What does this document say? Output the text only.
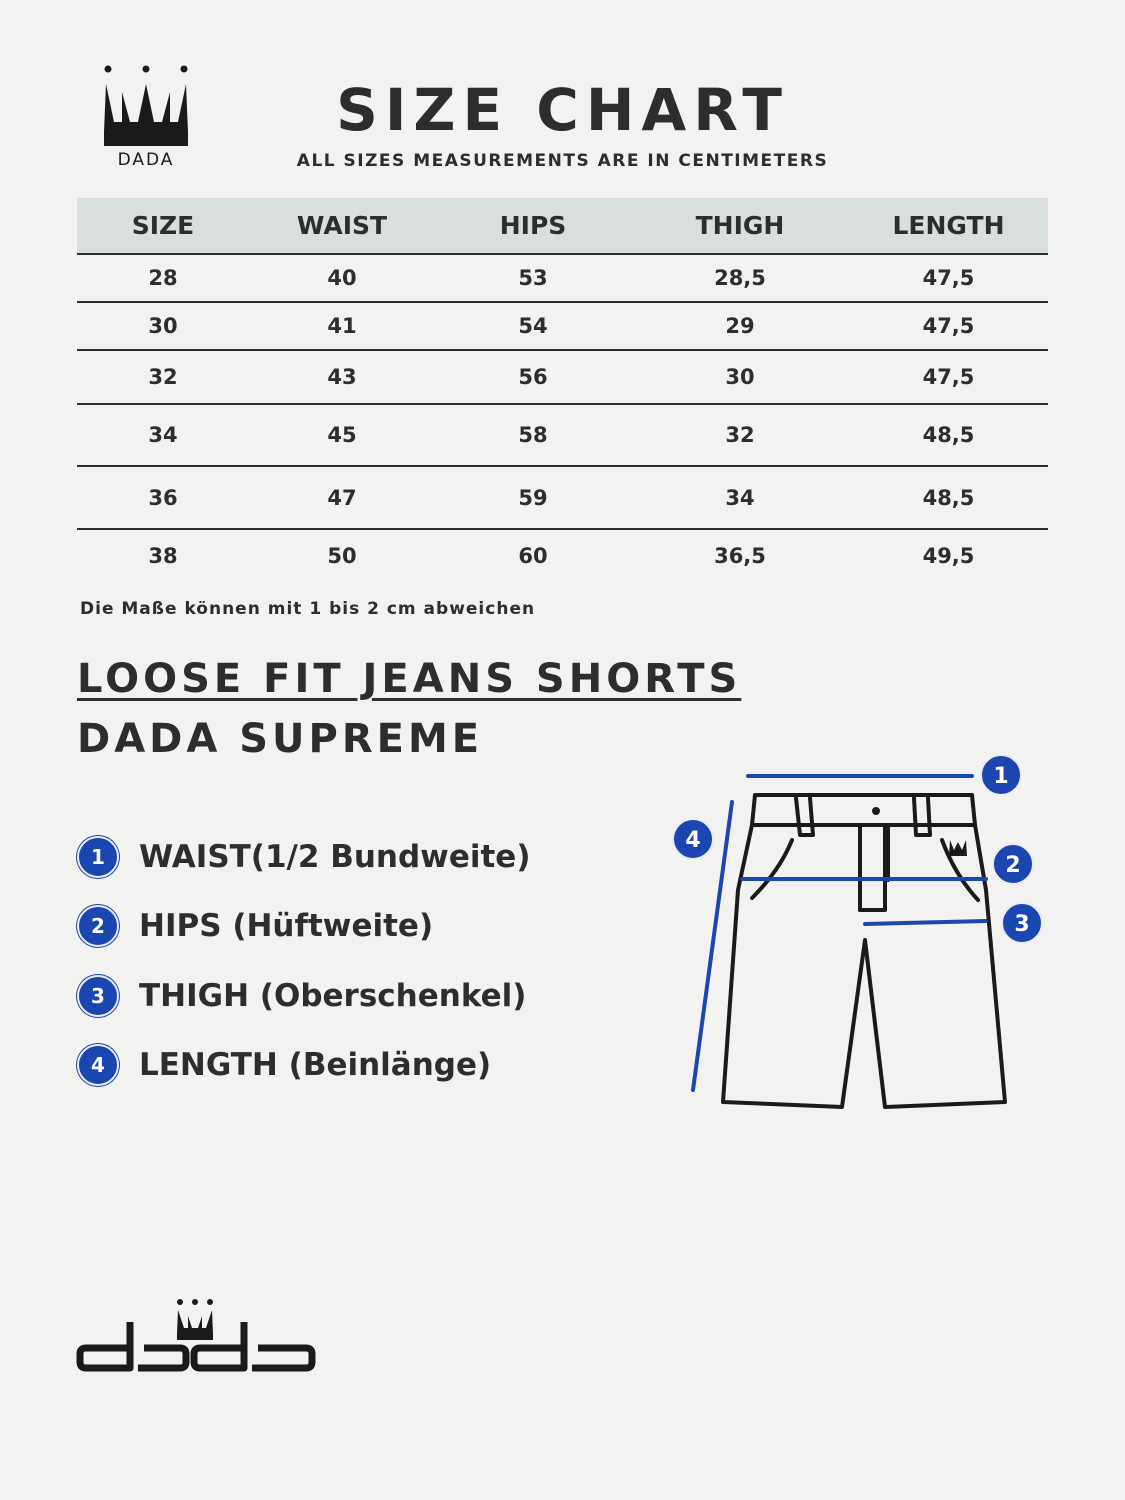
DADA
SIZE CHART
ALL SIZES MEASUREMENTS ARE IN CENTIMETERS
SIZE	WAIST	HIPS	THIGH	LENGTH
28	40	53	28,5	47,5
30	41	54	29	47,5
32	43	56	30	47,5
34	45	58	32	48,5
36	47	59	34	48,5
38	50	60	36,5	49,5
Die Maße können mit 1 bis 2 cm abweichen
LOOSE FIT JEANS SHORTS
DADA SUPREME
1	WAIST(1/2 Bundweite)
2	HIPS (Hüftweite)
3	THIGH (Oberschenkel)
4	LENGTH (Beinlänge)
1
2
3
4
